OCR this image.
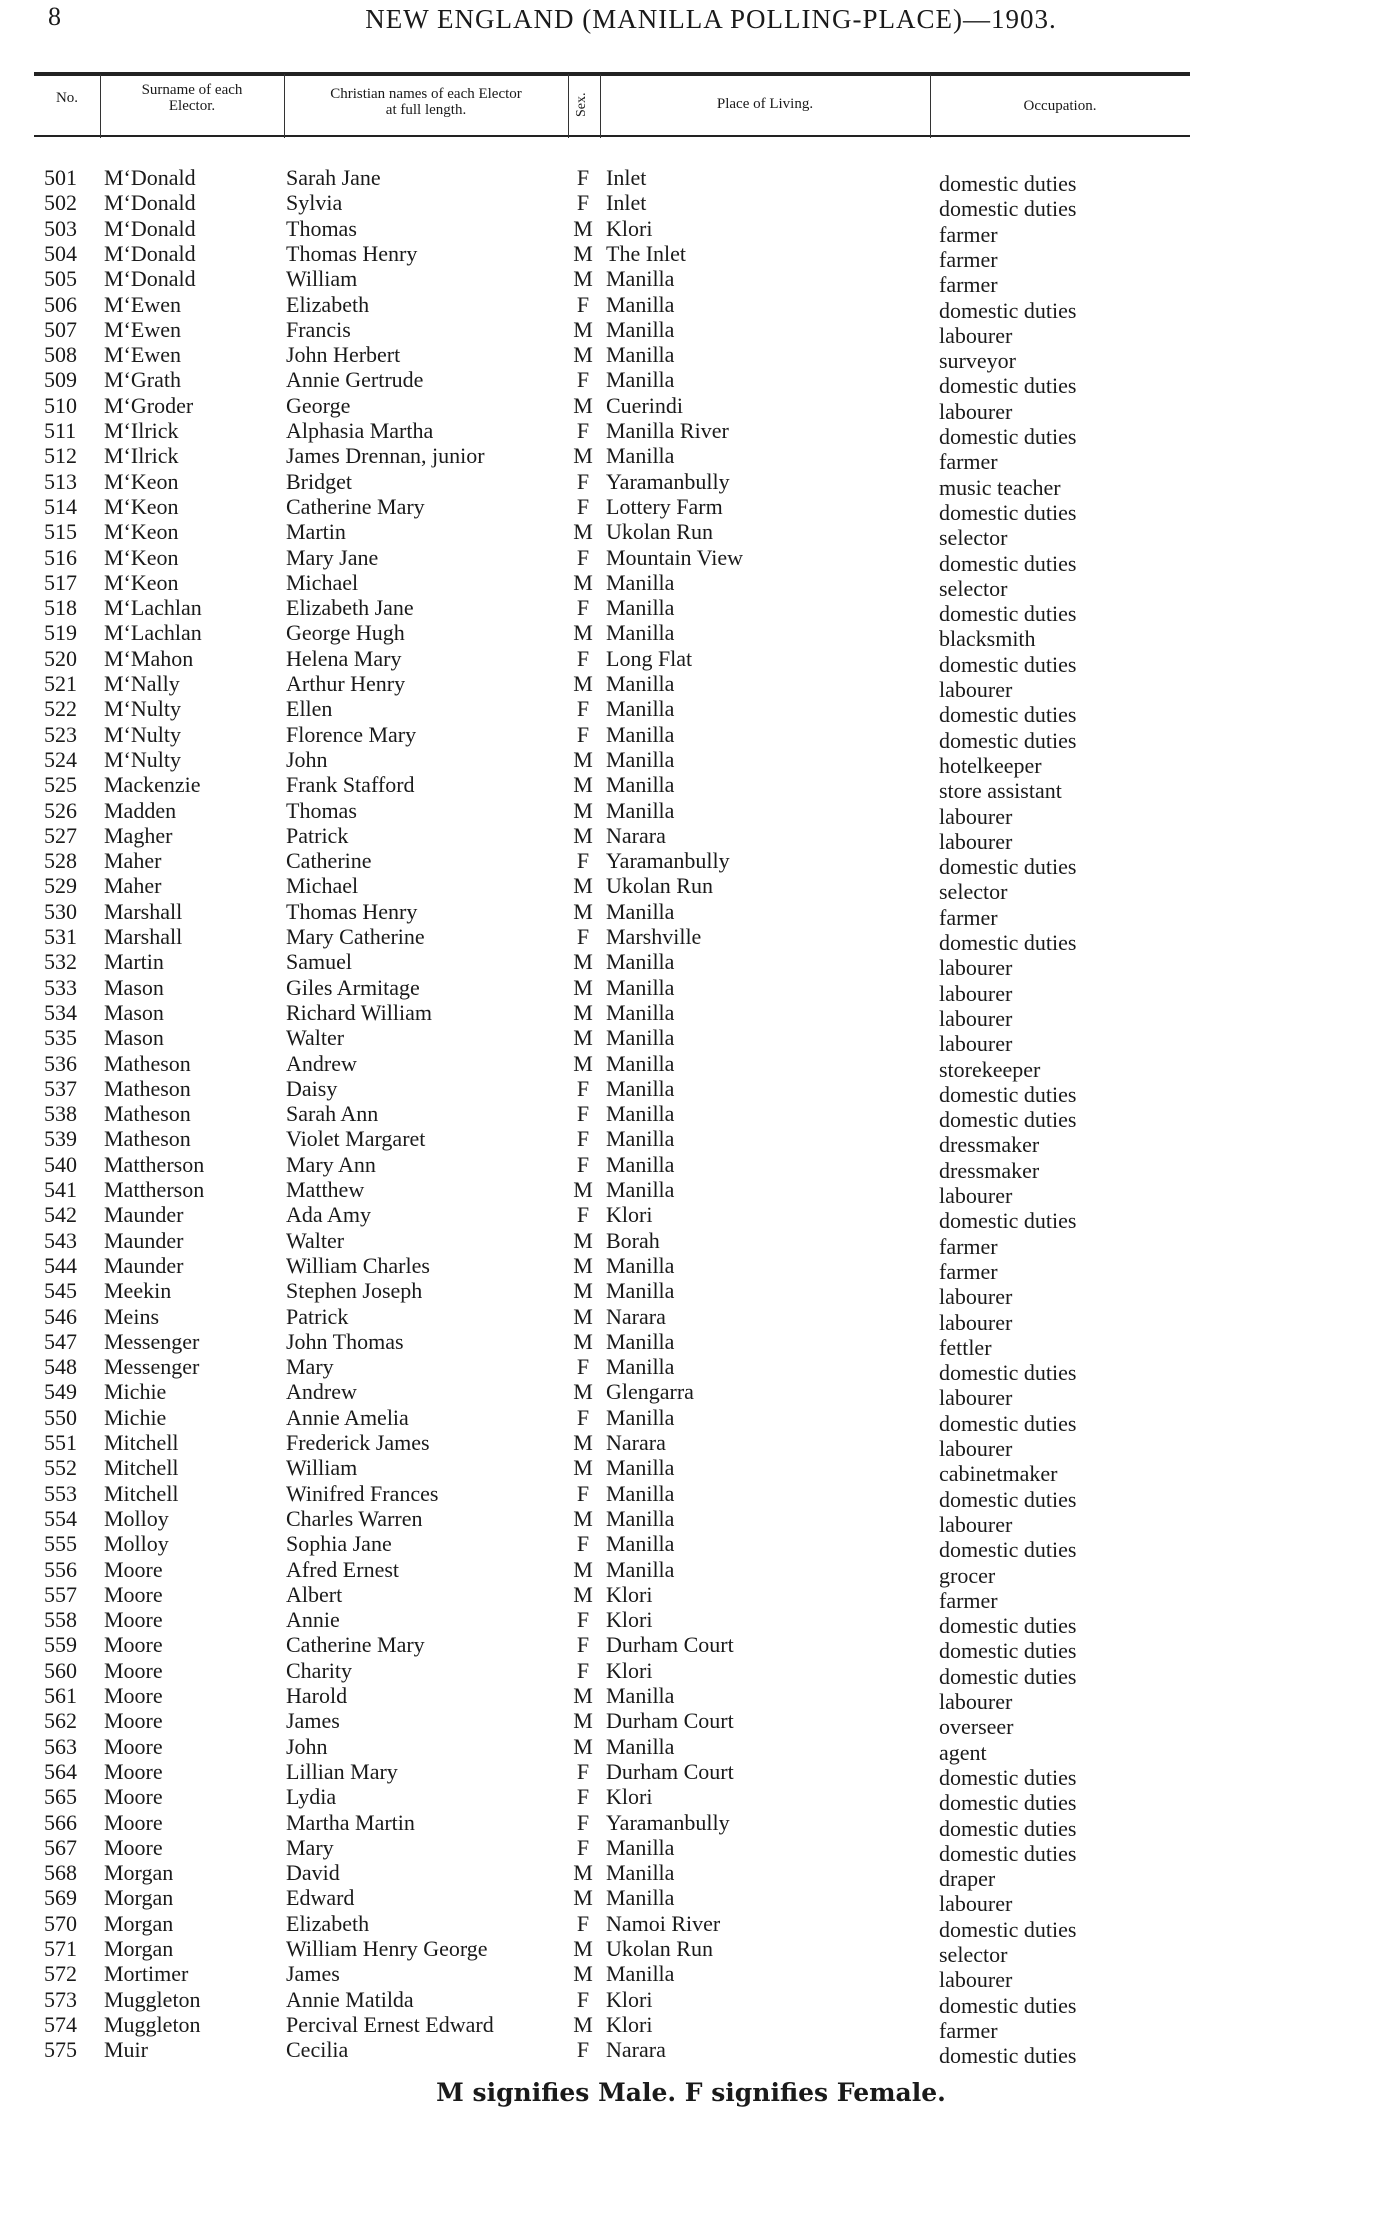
8	NEW ENGLAND (MANILLA POLLING-PLACE)—1903.
No.	Surname of each
Elector.
Christian names of each Elector
at full length.	Sex.	Place of Living.	Occupation.
501 M‘Donald	Sarah Jane	F Inlet	domestic duties
502 M‘Donald	Sylvia	F Inlet	domestic duties
503 M‘Donald	Thomas	M Klori	farmer
504 M‘Donald	Thomas Henry	M The Inlet	farmer
505 M‘Donald	William	M Manilla	farmer
506 M‘Ewen	Elizabeth	F Manilla	domestic duties
507 M‘Ewen	Francis	M Manilla	labourer
508 M‘Ewen	John Herbert	M Manilla	surveyor
509 M‘Grath	Annie Gertrude	F Manilla	domestic duties
510 M‘Groder	George	M Cuerindi	labourer
511 M‘Ilrick	Alphasia Martha	F Manilla River	domestic duties
512 M‘Ilrick	James Drennan, junior	M Manilla	farmer
513 M‘Keon	Bridget	F Yaramanbully	music teacher
514 M‘Keon	Catherine Mary	F Lottery Farm	domestic duties
515 M‘Keon	Martin	M Ukolan Run	selector
516 M‘Keon	Mary Jane	F Mountain View	domestic duties
517 M‘Keon	Michael	M Manilla	selector
518 M‘Lachlan	Elizabeth Jane	F Manilla	domestic duties
519 M‘Lachlan	George Hugh	M Manilla	blacksmith
520 M‘Mahon	Helena Mary	F Long Flat	domestic duties
521 M‘Nally	Arthur Henry	M Manilla	labourer
522 M‘Nulty	Ellen	F Manilla	domestic duties
523 M‘Nulty	Florence Mary	F Manilla	domestic duties
524 M‘Nulty	John	M Manilla	hotelkeeper
525 Mackenzie	Frank Stafford	M Manilla	store assistant
526 Madden	Thomas	M Manilla	labourer
527 Magher	Patrick	M Narara	labourer
528 Maher	Catherine	F Yaramanbully	domestic duties
529 Maher	Michael	M Ukolan Run	selector
530 Marshall	Thomas Henry	M Manilla	farmer
531 Marshall	Mary Catherine	F Marshville	domestic duties
532 Martin	Samuel	M Manilla	labourer
533 Mason	Giles Armitage	M Manilla	labourer
534 Mason	Richard William	M Manilla	labourer
535 Mason	Walter	M Manilla	labourer
536 Matheson	Andrew	M Manilla	storekeeper
537 Matheson	Daisy	F Manilla	domestic duties
538 Matheson	Sarah Ann	F Manilla	domestic duties
539 Matheson	Violet Margaret	F Manilla	dressmaker
540 Mattherson	Mary Ann	F Manilla	dressmaker
541 Mattherson	Matthew	M Manilla	labourer
542 Maunder	Ada Amy	F Klori	domestic duties
543 Maunder	Walter	M Borah	farmer
544 Maunder	William Charles	M Manilla	farmer
545 Meekin	Stephen Joseph	M Manilla	labourer
546 Meins	Patrick	M Narara	labourer
547 Messenger	John Thomas	M Manilla	fettler
548 Messenger	Mary	F Manilla	domestic duties
549 Michie	Andrew	M Glengarra	labourer
550 Michie	Annie Amelia	F Manilla	domestic duties
551 Mitchell	Frederick James	M Narara	labourer
552 Mitchell	William	M Manilla	cabinetmaker
553 Mitchell	Winifred Frances	F Manilla	domestic duties
554 Molloy	Charles Warren	M Manilla	labourer
555 Molloy	Sophia Jane	F Manilla	domestic duties
556 Moore	Afred Ernest	M Manilla	grocer
557 Moore	Albert	M Klori	farmer
558 Moore	Annie	F Klori	domestic duties
559 Moore	Catherine Mary	F Durham Court	domestic duties
560 Moore	Charity	F Klori	domestic duties
561 Moore	Harold	M Manilla	labourer
562 Moore	James	M Durham Court	overseer
563 Moore	John	M Manilla	agent
564 Moore	Lillian Mary	F Durham Court	domestic duties
565 Moore	Lydia	F Klori	domestic duties
566 Moore	Martha Martin	F Yaramanbully	domestic duties
567 Moore	Mary	F Manilla	domestic duties
568 Morgan	David	M Manilla	draper
569 Morgan	Edward	M Manilla	labourer
570 Morgan	Elizabeth	F Namoi River	domestic duties
571 Morgan	William Henry George	M Ukolan Run	selector
572 Mortimer	James	M Manilla	labourer
573 Muggleton	Annie Matilda	F Klori	domestic duties
574 Muggleton	Percival Ernest Edward	M Klori	farmer
575 Muir	Cecilia	F Narara	domestic duties
M signifies Male. F signifies Female.
